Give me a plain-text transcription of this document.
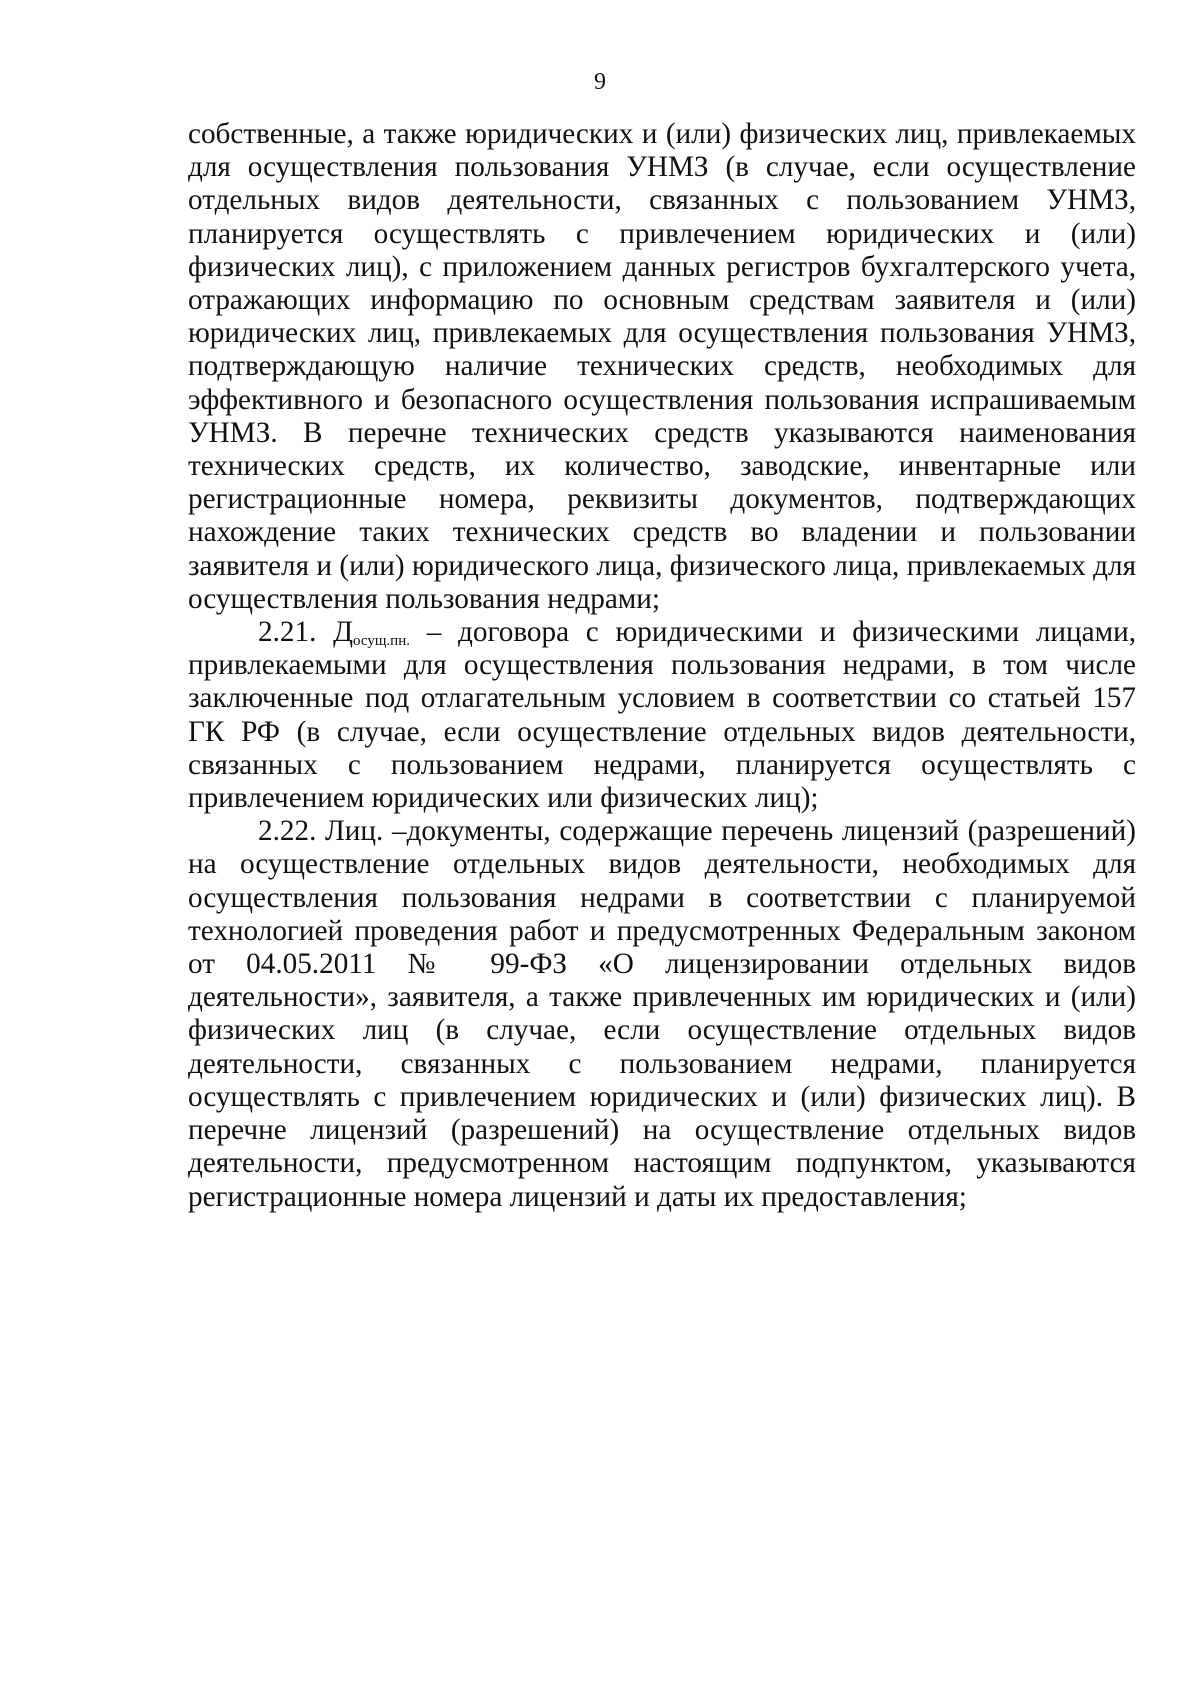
9

собственные, а также юридических и (или) физических лиц, привлекаемых для осуществления пользования УНМЗ (в случае, если осуществление отдельных видов деятельности, связанных с пользованием УНМЗ, планируется осуществлять с привлечением юридических и (или) физических лиц), с приложением данных регистров бухгалтерского учета, отражающих информацию по основным средствам заявителя и (или) юридических лиц, привлекаемых для осуществления пользования УНМЗ, подтверждающую наличие технических средств, необходимых для эффективного и безопасного осуществления пользования испрашиваемым УНМЗ. В перечне технических средств указываются наименования технических средств, их количество, заводские, инвентарные или регистрационные номера, реквизиты документов, подтверждающих нахождение таких технических средств во владении и пользовании заявителя и (или) юридического лица, физического лица, привлекаемых для осуществления пользования недрами;

2.21. $Д_{осущ.пн.}$ – договора с юридическими и физическими лицами, привлекаемыми для осуществления пользования недрами, в том числе заключенные под отлагательным условием в соответствии со статьей 157 ГК РФ (в случае, если осуществление отдельных видов деятельности, связанных с пользованием недрами, планируется осуществлять с привлечением юридических или физических лиц);

2.22. Лиц. –документы, содержащие перечень лицензий (разрешений) на осуществление отдельных видов деятельности, необходимых для осуществления пользования недрами в соответствии с планируемой технологией проведения работ и предусмотренных Федеральным законом от 04.05.2011 № 99-ФЗ «О лицензировании отдельных видов деятельности», заявителя, а также привлеченных им юридических и (или) физических лиц (в случае, если осуществление отдельных видов деятельности, связанных с пользованием недрами, планируется осуществлять с привлечением юридических и (или) физических лиц). В перечне лицензий (разрешений) на осуществление отдельных видов деятельности, предусмотренном настоящим подпунктом, указываются регистрационные номера лицензий и даты их предоставления;
